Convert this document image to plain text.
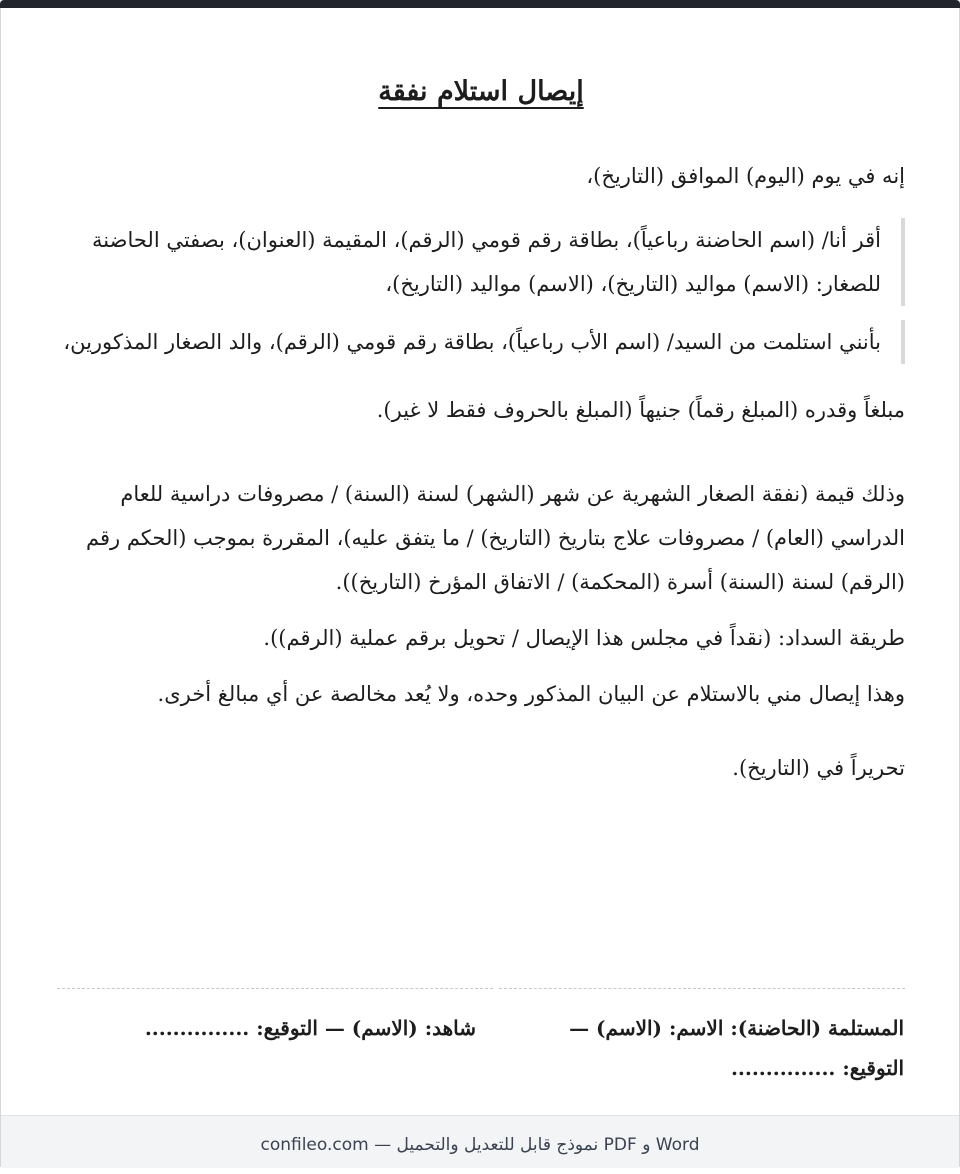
إيصال استلام نفقة

إنه في يوم (اليوم) الموافق (التاريخ)،

أقر أنا/ (اسم الحاضنة رباعياً)، بطاقة رقم قومي (الرقم)، المقيمة (العنوان)، بصفتي الحاضنة للصغار: (الاسم) مواليد (التاريخ)، (الاسم) مواليد (التاريخ)،

بأنني استلمت من السيد/ (اسم الأب رباعياً)، بطاقة رقم قومي (الرقم)، والد الصغار المذكورين،

مبلغاً وقدره (المبلغ رقماً) جنيهاً (المبلغ بالحروف فقط لا غير).

وذلك قيمة (نفقة الصغار الشهرية عن شهر (الشهر) لسنة (السنة) / مصروفات دراسية للعام الدراسي (العام) / مصروفات علاج بتاريخ (التاريخ) / ما يتفق عليه)، المقررة بموجب (الحكم رقم (الرقم) لسنة (السنة) أسرة (المحكمة) / الاتفاق المؤرخ (التاريخ)).

طريقة السداد: (نقداً في مجلس هذا الإيصال / تحويل برقم عملية (الرقم)).

وهذا إيصال مني بالاستلام عن البيان المذكور وحده، ولا يُعد مخالصة عن أي مبالغ أخرى.

تحريراً في (التاريخ).

المستلمة (الحاضنة): الاسم: (الاسم) — التوقيع: ...............
شاهد: (الاسم) — التوقيع: ...............
confileo.com — نموذج قابل للتعديل والتحميل PDF و Word
